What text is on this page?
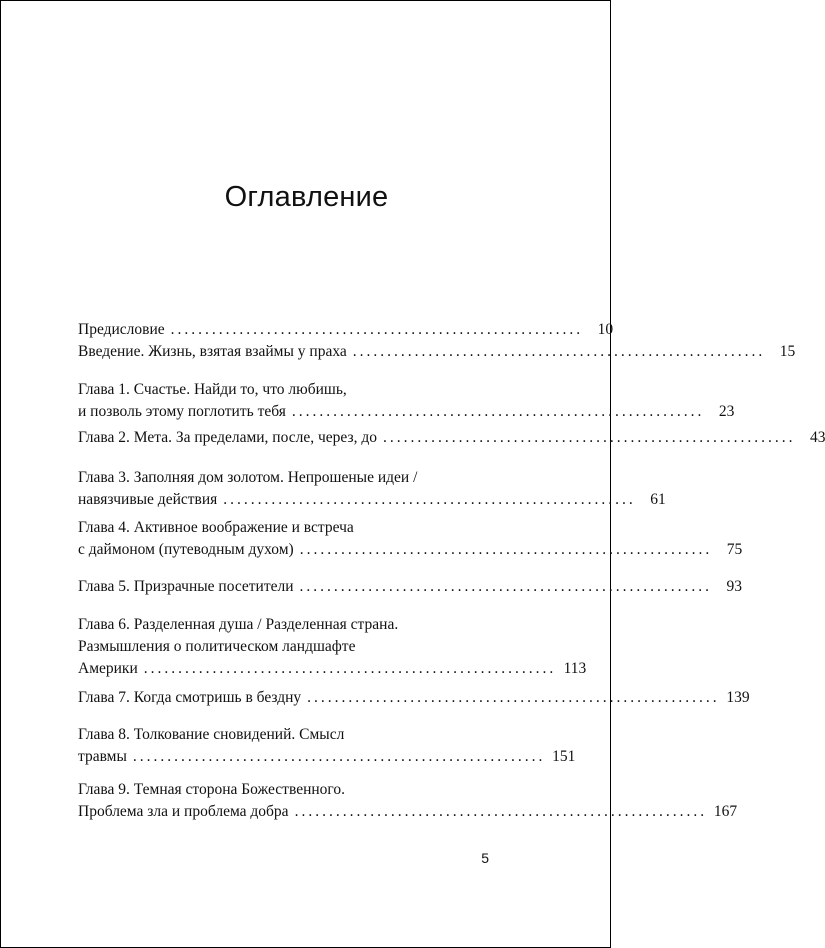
Оглавление
Предисловие ............................................................ 10
Введение. Жизнь, взятая взаймы у праха ............................................................ 15
Глава 1. Счастье. Найди то, что любишь,
и позволь этому поглотить тебя ............................................................ 23
Глава 2. Мета. За пределами, после, через, до ............................................................ 43
Глава 3. Заполняя дом золотом. Непрошеные идеи /
навязчивые действия ............................................................ 61
Глава 4. Активное воображение и встреча
с даймоном (путеводным духом) ............................................................ 75
Глава 5. Призрачные посетители ............................................................ 93
Глава 6. Разделенная душа / Разделенная страна.
Размышления о политическом ландшафте
Америки ............................................................ 113
Глава 7. Когда смотришь в бездну ............................................................ 139
Глава 8. Толкование сновидений. Смысл
травмы ............................................................ 151
Глава 9. Темная сторона Божественного.
Проблема зла и проблема добра ............................................................ 167
5
